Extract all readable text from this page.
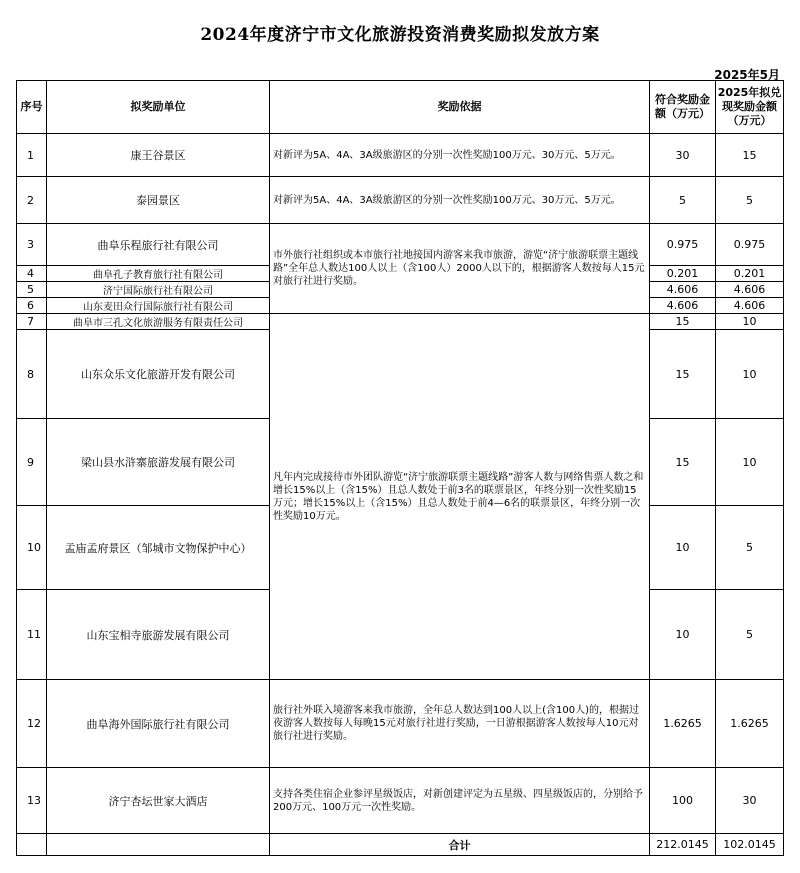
2024年度济宁市文化旅游投资消费奖励拟发放方案
2025年5月
序号	拟奖励单位	奖励依据	符合奖励金额（万元）	2025年拟兑现奖励金额（万元）
1	康王谷景区	对新评为5A、4A、3A级旅游区的分别一次性奖励100万元、30万元、5万元。	30	15
2	泰园景区	对新评为5A、4A、3A级旅游区的分别一次性奖励100万元、30万元、5万元。	5	5
3	曲阜乐程旅行社有限公司	市外旅行社组织或本市旅行社地接国内游客来我市旅游，游览“济宁旅游联票主题线路”全年总人数达100人以上（含100人）2000人以下的，根据游客人数按每人15元对旅行社进行奖励。	0.975	0.975
4	曲阜孔子教育旅行社有限公司		0.201	0.201
5	济宁国际旅行社有限公司		4.606	4.606
6	山东麦田众行国际旅行社有限公司		4.606	4.606
7	曲阜市三孔文化旅游服务有限责任公司	凡年内完成接待市外团队游览“济宁旅游联票主题线路”游客人数与网络售票人数之和增长15%以上（含15%）且总人数处于前3名的联票景区，年终分别一次性奖励15万元；增长15%以上（含15%）且总人数处于前4—6名的联票景区，年终分别一次性奖励10万元。	15	10
8	山东众乐文化旅游开发有限公司		15	10
9	梁山县水浒寨旅游发展有限公司		15	10
10	孟庙孟府景区（邹城市文物保护中心）		10	5
11	山东宝相寺旅游发展有限公司		10	5
12	曲阜海外国际旅行社有限公司	旅行社外联入境游客来我市旅游，全年总人数达到100人以上(含100人)的，根据过夜游客人数按每人每晚15元对旅行社进行奖励，一日游根据游客人数按每人10元对旅行社进行奖励。	1.6265	1.6265
13	济宁杏坛世家大酒店	支持各类住宿企业参评星级饭店，对新创建评定为五星级、四星级饭店的，分别给予200万元、100万元一次性奖励。	100	30
		合计	212.0145	102.0145
